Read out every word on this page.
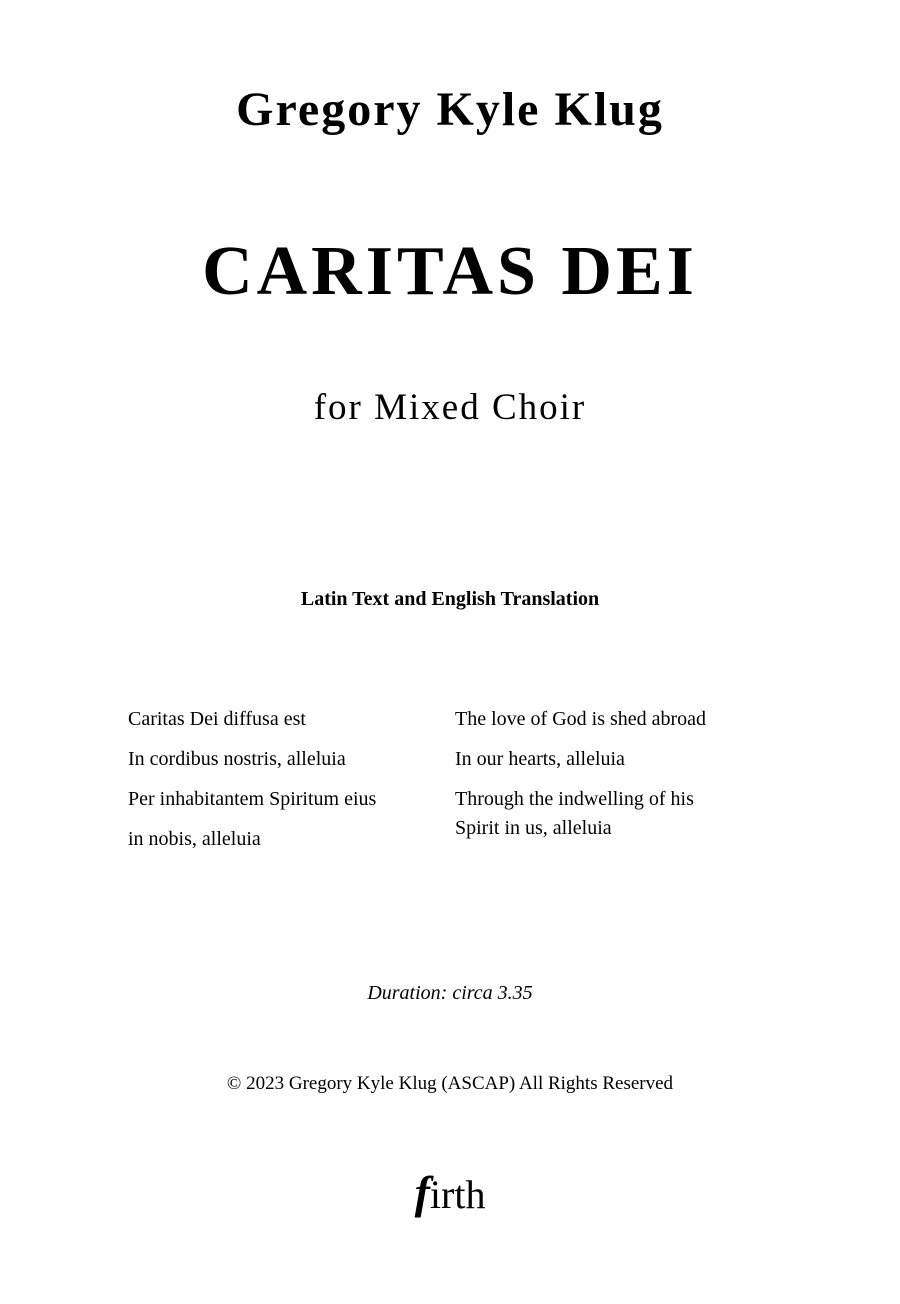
Gregory Kyle Klug
CARITAS DEI
for Mixed Choir
Latin Text and English Translation
Caritas Dei diffusa est
In cordibus nostris, alleluia
Per inhabitantem Spiritum eius
in nobis, alleluia
The love of God is shed abroad
In our hearts, alleluia
Through the indwelling of his
Spirit in us, alleluia
Duration: circa 3.35
© 2023 Gregory Kyle Klug (ASCAP) All Rights Reserved
firth
